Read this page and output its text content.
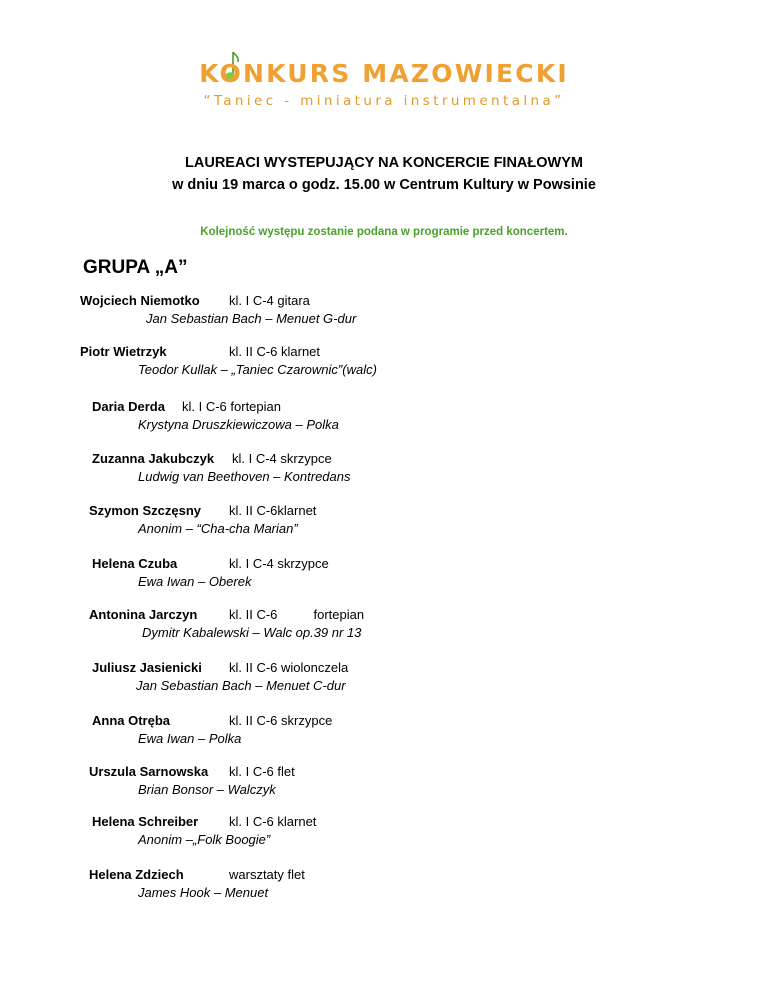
KONKURS MAZOWIECKI
“Taniec - miniatura instrumentalna”
LAUREACI WYSTEPUJĄCY NA KONCERCIE FINAŁOWYM
w dniu 19 marca o godz. 15.00 w Centrum Kultury w Powsinie
Kolejność występu zostanie podana w programie przed koncertem.
GRUPA „A”
Wojciech Niemotko kl. I C-4 gitara
Jan Sebastian Bach – Menuet G-dur
Piotr Wietrzyk	kl. II C-6 klarnet
Teodor Kullak – „Taniec Czarownic”(walc)
Daria Derda kl. I C-6 fortepian
Krystyna Druszkiewiczowa – Polka
Zuzanna Jakubczyk kl. I C-4 skrzypce
Ludwig van Beethoven – Kontredans
Szymon Szczęsny kl. II C-6klarnet
Anonim – “Cha-cha Marian”
Helena Czuba	kl. I C-4 skrzypce
Ewa Iwan – Oberek
Antonina Jarczyn kl. II C-6          fortepian
Dymitr Kabalewski – Walc op.39 nr 13
Juliusz Jasienicki kl. II C-6 wiolonczela
Jan Sebastian Bach – Menuet C-dur
Anna Otręba	kl. II C-6 skrzypce
Ewa Iwan – Polka
Urszula Sarnowska kl. I C-6 flet
Brian Bonsor – Walczyk
Helena Schreiber kl. I C-6 klarnet
Anonim –„Folk Boogie”
Helena Zdziech	warsztaty flet
James Hook – Menuet
